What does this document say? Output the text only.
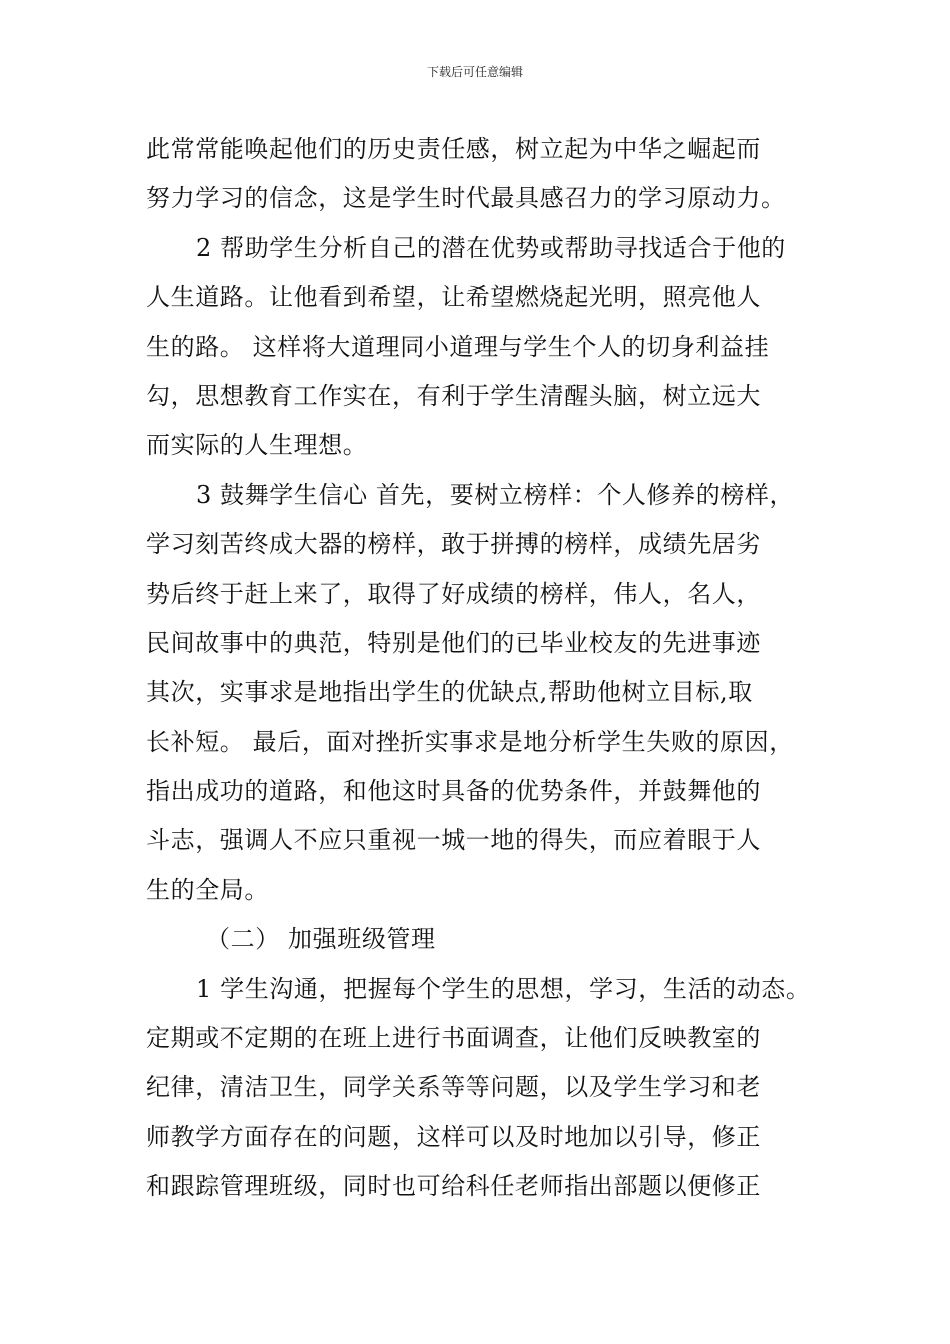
下载后可任意编辑
此常常能唤起他们的历史责任感，树立起为中华之崛起而
努力学习的信念，这是学生时代最具感召力的学习原动力。
2 帮助学生分析自己的潜在优势或帮助寻找适合于他的
人生道路。让他看到希望，让希望燃烧起光明，照亮他人
生的路。 这样将大道理同小道理与学生个人的切身利益挂
勾，思想教育工作实在，有利于学生清醒头脑，树立远大
而实际的人生理想。
3 鼓舞学生信心 首先，要树立榜样：个人修养的榜样，
学习刻苦终成大器的榜样，敢于拼搏的榜样，成绩先居劣
势后终于赶上来了，取得了好成绩的榜样，伟人，名人，
民间故事中的典范，特别是他们的已毕业校友的先进事迹
其次，实事求是地指出学生的优缺点,帮助他树立目标,取
长补短。 最后，面对挫折实事求是地分析学生失败的原因，
指出成功的道路，和他这时具备的优势条件，并鼓舞他的
斗志，强调人不应只重视一城一地的得失，而应着眼于人
生的全局。
（二） 加强班级管理
1 学生沟通，把握每个学生的思想，学习，生活的动态。
定期或不定期的在班上进行书面调查，让他们反映教室的
纪律，清洁卫生，同学关系等等问题，以及学生学习和老
师教学方面存在的问题，这样可以及时地加以引导，修正
和跟踪管理班级，同时也可给科任老师指出部题以便修正
